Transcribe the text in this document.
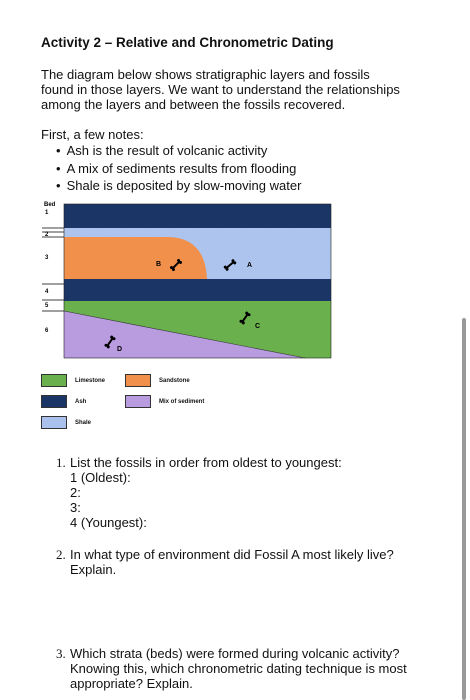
Activity 2 – Relative and Chronometric Dating

The diagram below shows stratigraphic layers and fossils found in those layers. We want to understand the relationships among the layers and between the fossils recovered.

First, a few notes:
• Ash is the result of volcanic activity
• A mix of sediments results from flooding
• Shale is deposited by slow-moving water
Bed
1
2
3
4
5
6
B	A
C
D
Limestone	Sandstone
Ash	Mix of sediment
Shale
1. List the fossils in order from oldest to youngest:
1 (Oldest):
2:
3:
4 (Youngest):
2. In what type of environment did Fossil A most likely live? Explain.
3. Which strata (beds) were formed during volcanic activity? Knowing this, which chronometric dating technique is most appropriate? Explain.
